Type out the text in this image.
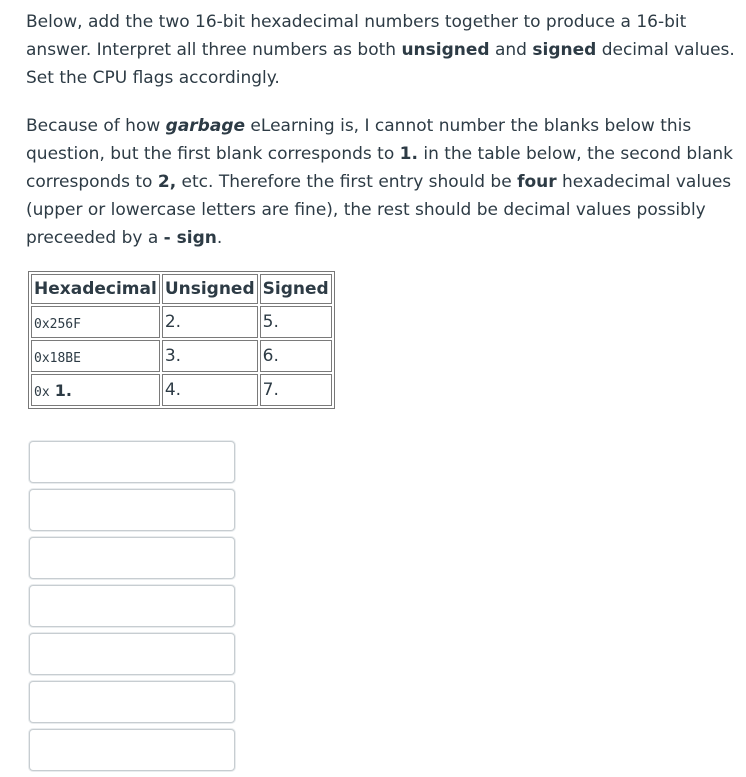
Below, add the two 16-bit hexadecimal numbers together to produce a 16-bit answer. Interpret all three numbers as both unsigned and signed decimal values. Set the CPU flags accordingly.

Because of how garbage eLearning is, I cannot number the blanks below this question, but the first blank corresponds to 1. in the table below, the second blank corresponds to 2, etc. Therefore the first entry should be four hexadecimal values (upper or lowercase letters are fine), the rest should be decimal values possibly preceeded by a - sign.

Hexadecimal	Unsigned	Signed
0x256F	2.	5.
0x18BE	3.	6.
0x 1.	4.	7.
